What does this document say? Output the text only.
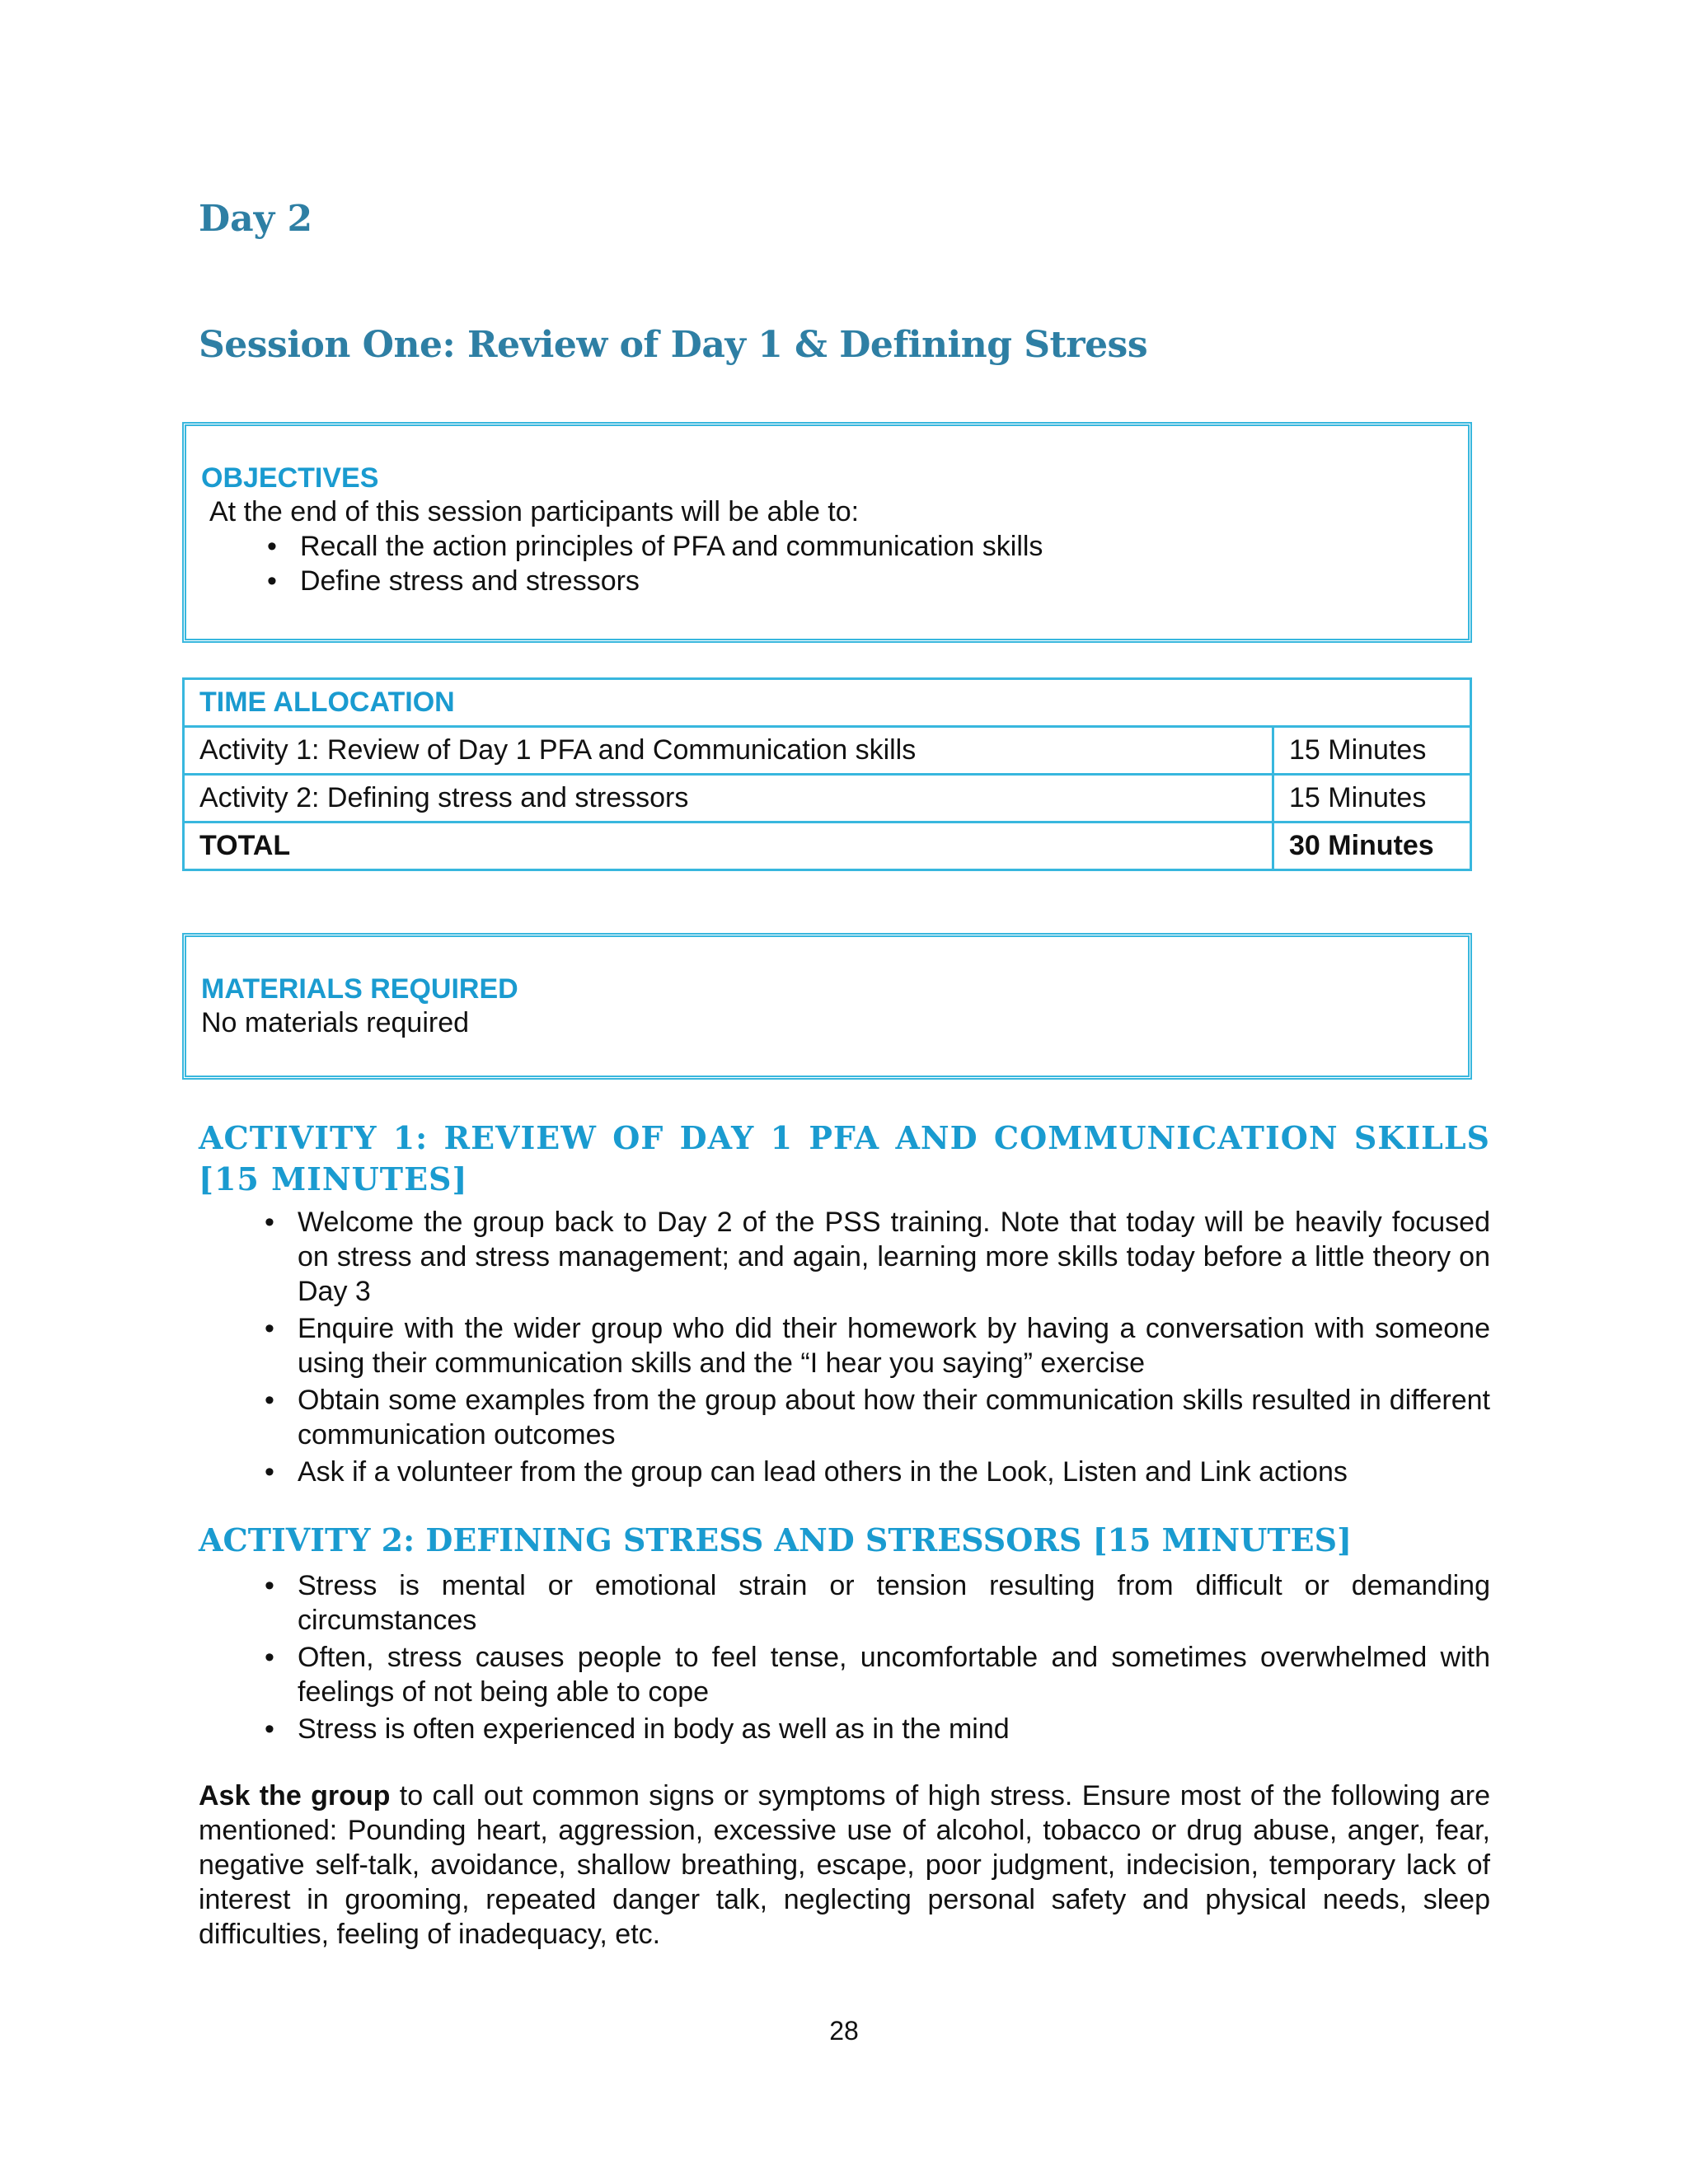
Day 2
Session One: Review of Day 1 & Defining Stress
OBJECTIVES
At the end of this session participants will be able to:
• Recall the action principles of PFA and communication skills
• Define stress and stressors
TIME ALLOCATION	
Activity 1: Review of Day 1 PFA and Communication skills	15 Minutes
Activity 2: Defining stress and stressors	15 Minutes
TOTAL	30 Minutes
MATERIALS REQUIRED
No materials required
ACTIVITY 1: REVIEW OF DAY 1 PFA AND COMMUNICATION SKILLS [15 MINUTES]
• Welcome the group back to Day 2 of the PSS training. Note that today will be heavily focused on stress and stress management; and again, learning more skills today before a little theory on Day 3
• Enquire with the wider group who did their homework by having a conversation with someone using their communication skills and the “I hear you saying” exercise
• Obtain some examples from the group about how their communication skills resulted in different communication outcomes
• Ask if a volunteer from the group can lead others in the Look, Listen and Link actions
ACTIVITY 2: DEFINING STRESS AND STRESSORS [15 MINUTES]
• Stress is mental or emotional strain or tension resulting from difficult or demanding circumstances
• Often, stress causes people to feel tense, uncomfortable and sometimes overwhelmed with feelings of not being able to cope
• Stress is often experienced in body as well as in the mind

Ask the group to call out common signs or symptoms of high stress. Ensure most of the following are mentioned: Pounding heart, aggression, excessive use of alcohol, tobacco or drug abuse, anger, fear, negative self-talk, avoidance, shallow breathing, escape, poor judgment, indecision, temporary lack of interest in grooming, repeated danger talk, neglecting personal safety and physical needs, sleep difficulties, feeling of inadequacy, etc.

28
